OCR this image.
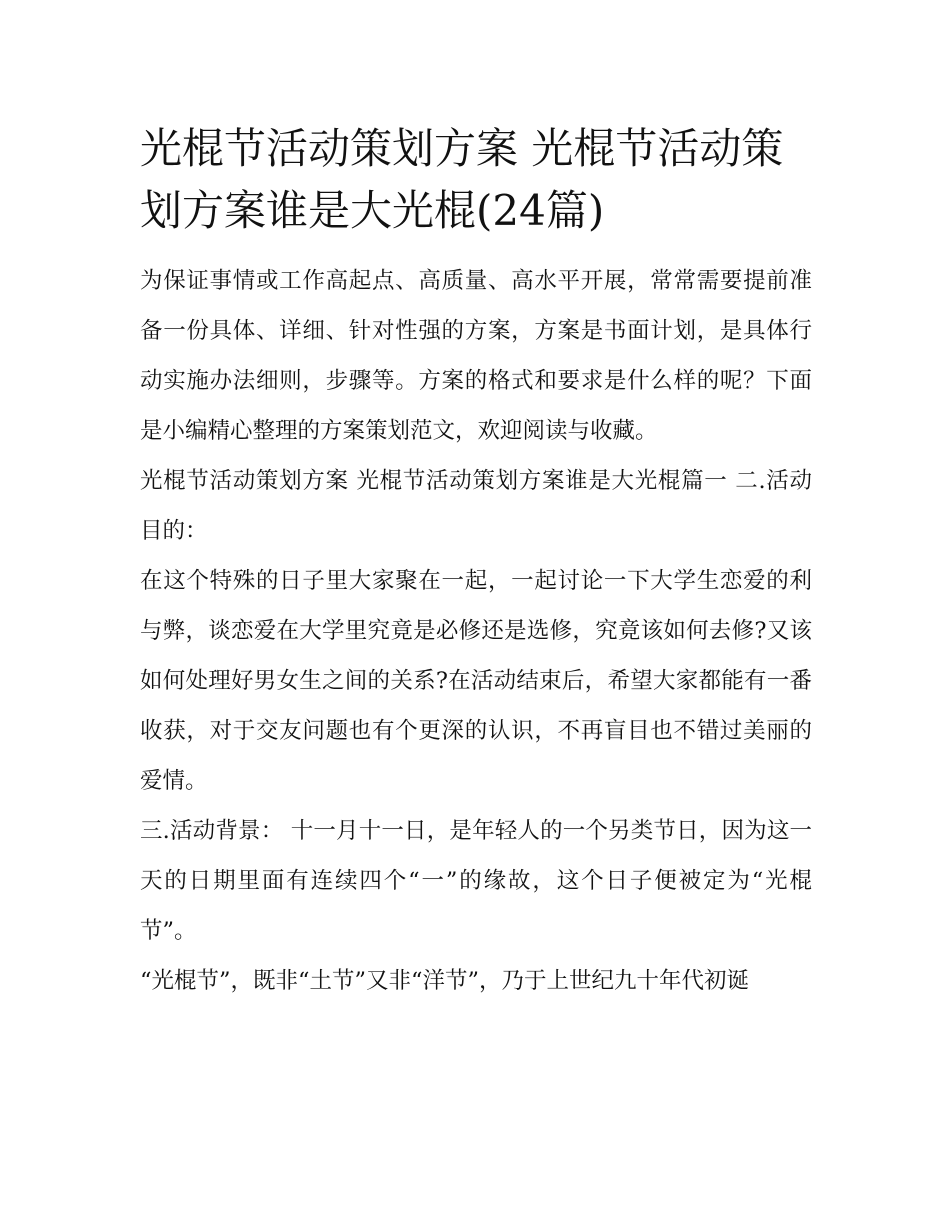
光棍节活动策划方案 光棍节活动策划方案谁是大光棍(24篇)

为保证事情或工作高起点、高质量、高水平开展，常常需要提前准备一份具体、详细、针对性强的方案，方案是书面计划，是具体行动实施办法细则，步骤等。方案的格式和要求是什么样的呢？下面是小编精心整理的方案策划范文，欢迎阅读与收藏。

光棍节活动策划方案 光棍节活动策划方案谁是大光棍篇一 二.活动目的：

在这个特殊的日子里大家聚在一起，一起讨论一下大学生恋爱的利与弊，谈恋爱在大学里究竟是必修还是选修，究竟该如何去修?又该如何处理好男女生之间的关系?在活动结束后，希望大家都能有一番收获，对于交友问题也有个更深的认识，不再盲目也不错过美丽的爱情。

三.活动背景： 十一月十一日，是年轻人的一个另类节日，因为这一天的日期里面有连续四个“一”的缘故，这个日子便被定为“光棍节”。

“光棍节”，既非“土节”又非“洋节”，乃于上世纪九十年代初诞
